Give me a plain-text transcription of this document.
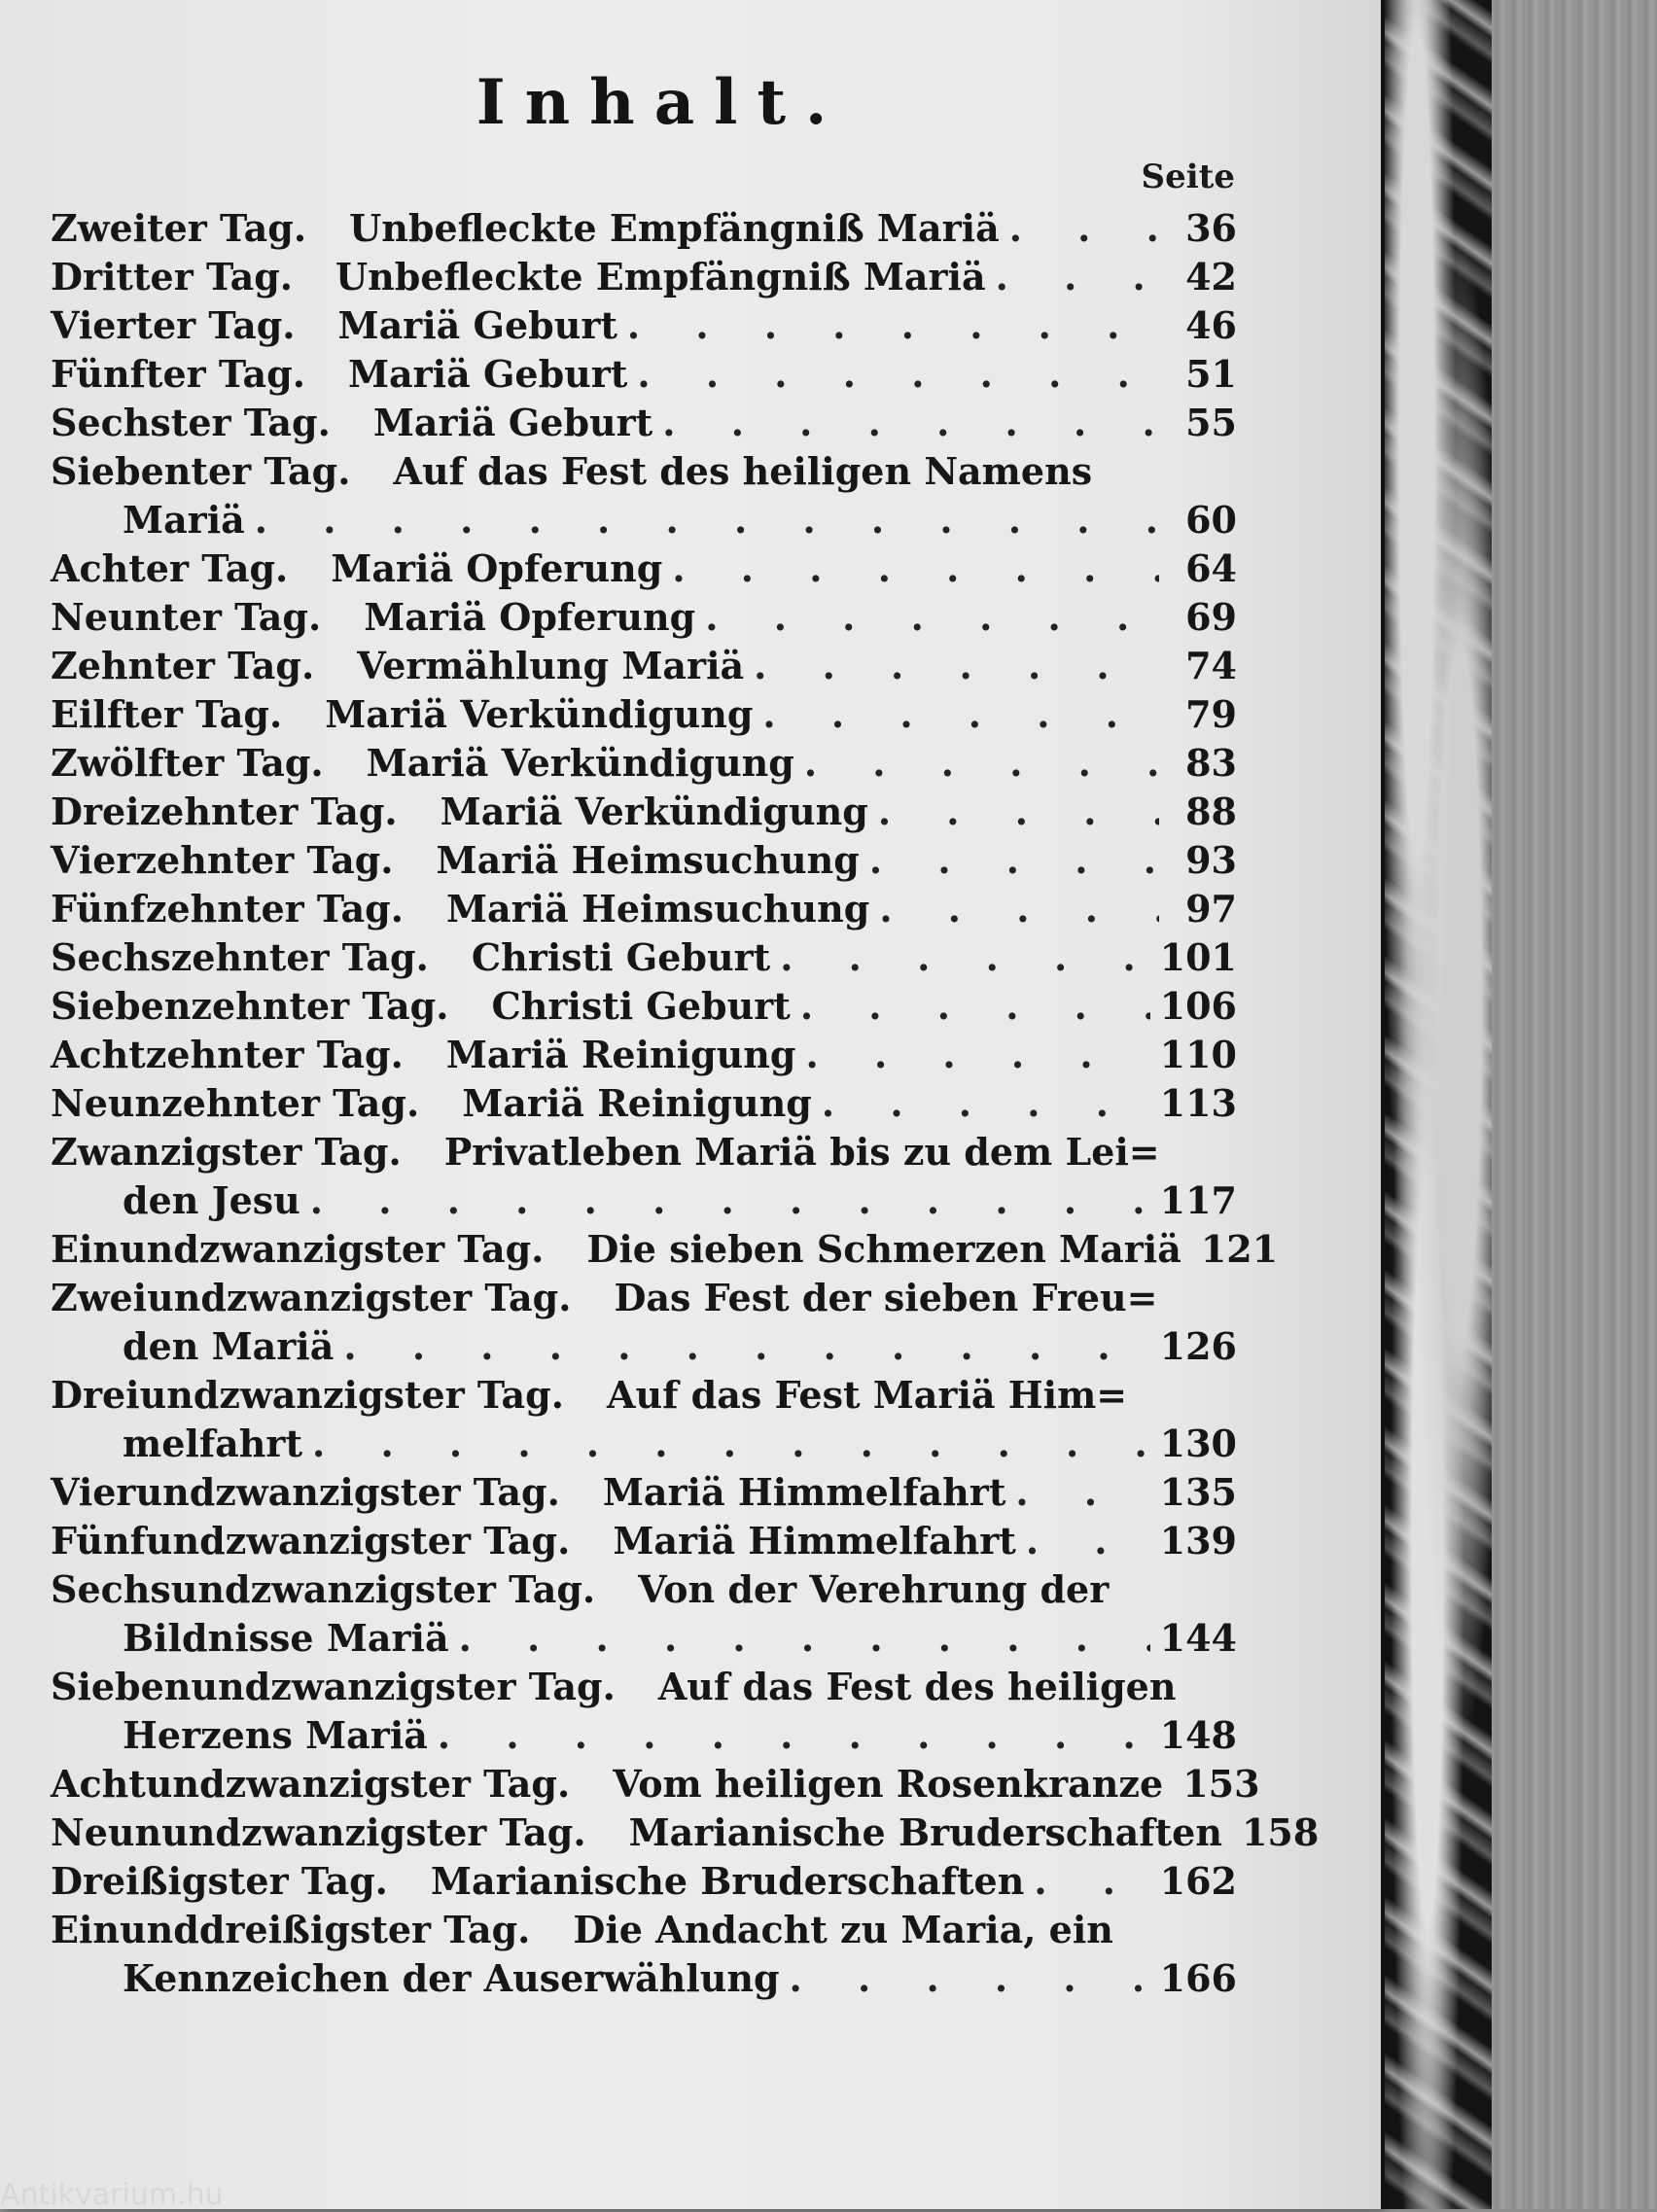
Inhalt.
Seite
Zweiter Tag. Unbefleckte Empfängniß Mariä . . .	36
Dritter Tag. Unbefleckte Empfängniß Mariä . . .	42
Vierter Tag. Mariä Geburt . . .	46
Fünfter Tag. Mariä Geburt . . .	51
Sechster Tag. Mariä Geburt . . .	55
Siebenter Tag. Auf das Fest des heiligen Namens
Mariä . . .	60
Achter Tag. Mariä Opferung . . .	64
Neunter Tag. Mariä Opferung . . .	69
Zehnter Tag. Vermählung Mariä . . .	74
Eilfter Tag. Mariä Verkündigung . . .	79
Zwölfter Tag. Mariä Verkündigung . . .	83
Dreizehnter Tag. Mariä Verkündigung . . .	88
Vierzehnter Tag. Mariä Heimsuchung . . .	93
Fünfzehnter Tag. Mariä Heimsuchung . . .	97
Sechszehnter Tag. Christi Geburt . . .	101
Siebenzehnter Tag. Christi Geburt . . .	106
Achtzehnter Tag. Mariä Reinigung . . .	110
Neunzehnter Tag. Mariä Reinigung . . .	113
Zwanzigster Tag. Privatleben Mariä bis zu dem Lei=
den Jesu . . .	117
Einundzwanzigster Tag. Die sieben Schmerzen Mariä 121
Zweiundzwanzigster Tag. Das Fest der sieben Freu=
den Mariä . . .	126
Dreiundzwanzigster Tag. Auf das Fest Mariä Him=
melfahrt . . .	130
Vierundzwanzigster Tag. Mariä Himmelfahrt . . .	135
Fünfundzwanzigster Tag. Mariä Himmelfahrt . . .	139
Sechsundzwanzigster Tag. Von der Verehrung der
Bildnisse Mariä . . .	144
Siebenundzwanzigster Tag. Auf das Fest des heiligen
Herzens Mariä . . .	148
Achtundzwanzigster Tag. Vom heiligen Rosenkranze 153
Neunundzwanzigster Tag. Marianische Bruderschaften 158
Dreißigster Tag. Marianische Bruderschaften . . .	162
Einunddreißigster Tag. Die Andacht zu Maria, ein
Kennzeichen der Auserwählung . . .	166
Antikvarium.hu
